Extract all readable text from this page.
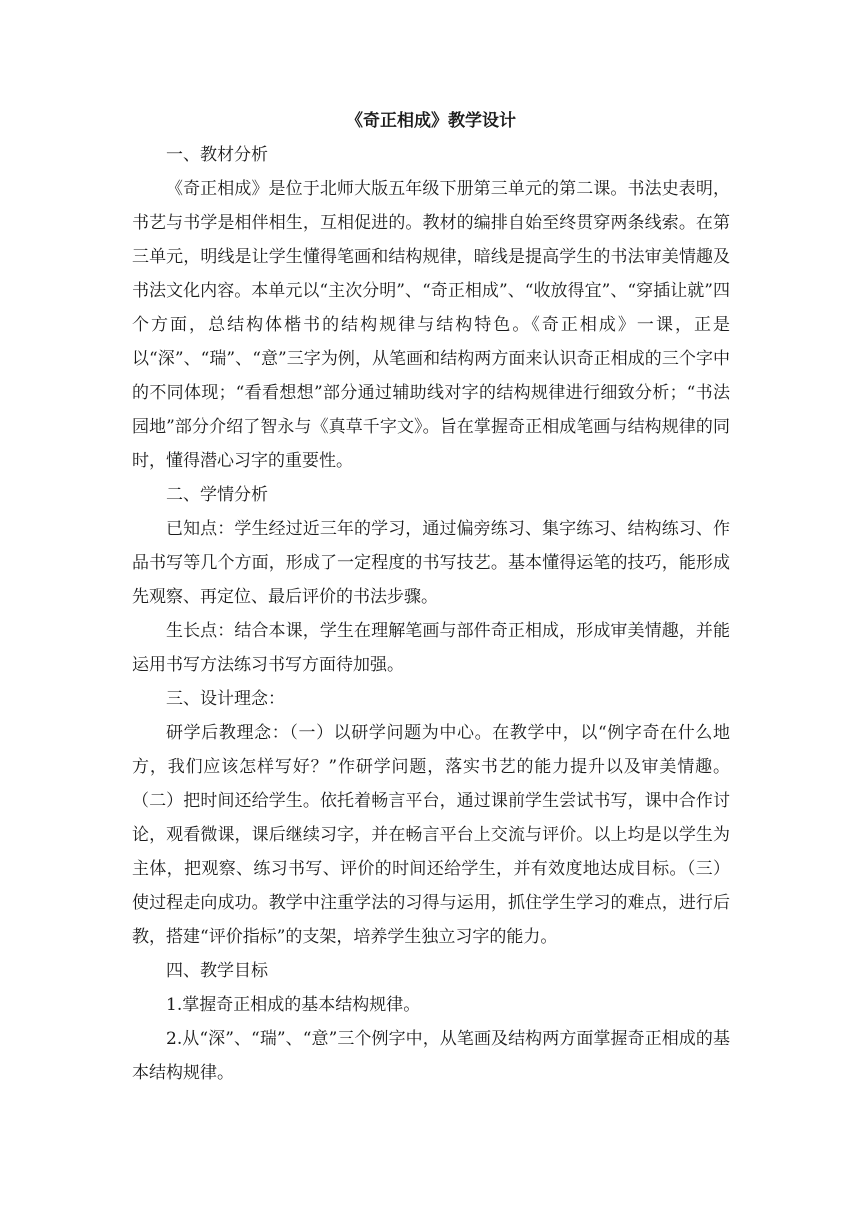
《奇正相成》教学设计

一、教材分析

《奇正相成》是位于北师大版五年级下册第三单元的第二课。书法史表明，书艺与书学是相伴相生，互相促进的。教材的编排自始至终贯穿两条线索。在第三单元，明线是让学生懂得笔画和结构规律，暗线是提高学生的书法审美情趣及书法文化内容。本单元以“主次分明”、“奇正相成”、“收放得宜”、“穿插让就”四个方面，总结构体楷书的结构规律与结构特色。《奇正相成》一课，正是以“深”、“瑞”、“意”三字为例，从笔画和结构两方面来认识奇正相成的三个字中的不同体现；“看看想想”部分通过辅助线对字的结构规律进行细致分析；“书法园地”部分介绍了智永与《真草千字文》。旨在掌握奇正相成笔画与结构规律的同时，懂得潜心习字的重要性。

二、学情分析

已知点：学生经过近三年的学习，通过偏旁练习、集字练习、结构练习、作品书写等几个方面，形成了一定程度的书写技艺。基本懂得运笔的技巧，能形成先观察、再定位、最后评价的书法步骤。

生长点：结合本课，学生在理解笔画与部件奇正相成，形成审美情趣，并能运用书写方法练习书写方面待加强。

三、设计理念：

研学后教理念：（一）以研学问题为中心。在教学中，以“例字奇在什么地方，我们应该怎样写好？”作研学问题，落实书艺的能力提升以及审美情趣。（二）把时间还给学生。依托着畅言平台，通过课前学生尝试书写，课中合作讨论，观看微课，课后继续习字，并在畅言平台上交流与评价。以上均是以学生为主体，把观察、练习书写、评价的时间还给学生，并有效度地达成目标。（三）使过程走向成功。教学中注重学法的习得与运用，抓住学生学习的难点，进行后教，搭建“评价指标”的支架，培养学生独立习字的能力。

四、教学目标

1.掌握奇正相成的基本结构规律。

2.从“深”、“瑞”、“意”三个例字中，从笔画及结构两方面掌握奇正相成的基本结构规律。
